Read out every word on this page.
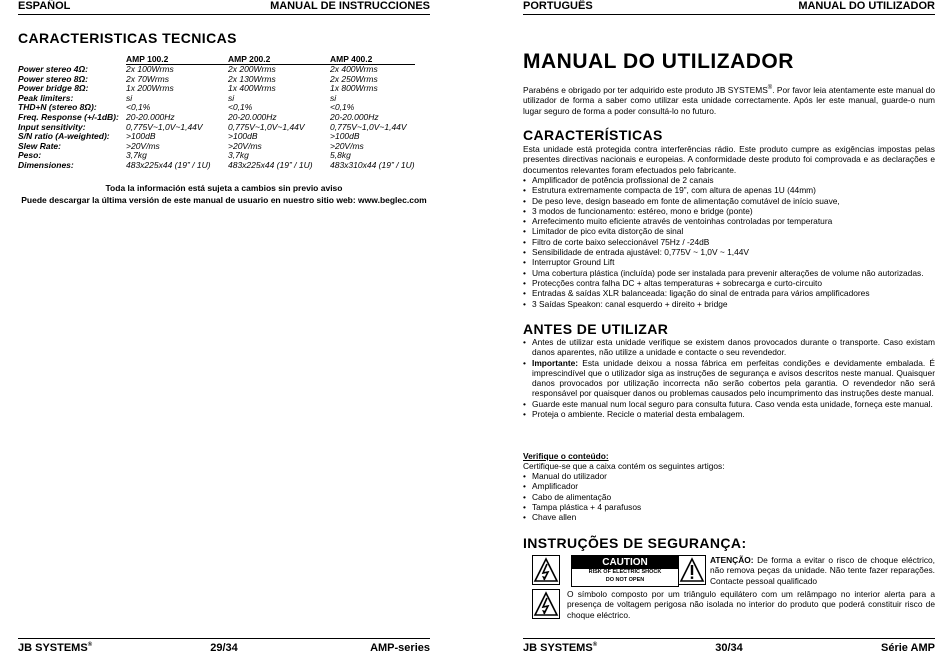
ESPAÑOL	MANUAL DE INSTRUCCIONES
CARACTERISTICAS TECNICAS
	AMP 100.2	AMP 200.2	AMP 400.2
Power stereo 4Ω:	2x 100Wrms	2x 200Wrms	2x 400Wrms
Power stereo 8Ω:	2x 70Wrms	2x 130Wrms	2x 250Wrms
Power bridge 8Ω:	1x 200Wrms	1x 400Wrms	1x 800Wrms
Peak limiters:	si	si	si
THD+N (stereo 8Ω):	<0,1%	<0,1%	<0,1%
Freq. Response (+/-1dB):	20-20.000Hz	20-20.000Hz	20-20.000Hz
Input sensitivity:	0,775V~1,0V~1,44V	0,775V~1,0V~1,44V	0,775V~1,0V~1,44V
S/N ratio (A-weighted):	>100dB	>100dB	>100dB
Slew Rate:	>20V/ms	>20V/ms	>20V/ms
Peso:	3,7kg	3,7kg	5,8kg
Dimensiones:	483x225x44 (19” / 1U)	483x225x44 (19” / 1U)	483x310x44 (19” / 1U)
Toda la información está sujeta a cambios sin previo aviso
Puede descargar la última versión de este manual de usuario en nuestro sitio web: www.beglec.com
JB SYSTEMS®	29/34	AMP-series
PORTUGUÊS	MANUAL DO UTILIZADOR
MANUAL DO UTILIZADOR
Parabéns e obrigado por ter adquirido este produto JB SYSTEMS®. Por favor leia atentamente este manual do utilizador de forma a saber como utilizar esta unidade correctamente. Após ler este manual, guarde-o num lugar seguro de forma a poder consultá-lo no futuro.
CARACTERÍSTICAS
Esta unidade está protegida contra interferências rádio. Este produto cumpre as exigências impostas pelas presentes directivas nacionais e europeias. A conformidade deste produto foi comprovada e as declarações e documentos relevantes foram efectuados pelo fabricante.
• Amplificador de potência profissional de 2 canais
• Estrutura extremamente compacta de 19”, com altura de apenas 1U (44mm)
• De peso leve, design baseado em fonte de alimentação comutável de início suave,
• 3 modos de funcionamento: estéreo, mono e bridge (ponte)
• Arrefecimento muito eficiente através de ventoinhas controladas por temperatura
• Limitador de pico evita distorção de sinal
• Filtro de corte baixo seleccionável 75Hz / -24dB
• Sensibilidade de entrada ajustável: 0,775V ~ 1,0V ~ 1,44V
• Interruptor Ground Lift
• Uma cobertura plástica (incluída) pode ser instalada para prevenir alterações de volume não autorizadas.
• Protecções contra falha DC + altas temperaturas + sobrecarga e curto-circuito
• Entradas & saídas XLR balanceada: ligação do sinal de entrada para vários amplificadores
• 3 Saídas Speakon: canal esquerdo + direito + bridge
ANTES DE UTILIZAR
• Antes de utilizar esta unidade verifique se existem danos provocados durante o transporte. Caso existam danos aparentes, não utilize a unidade e contacte o seu revendedor.
• Importante: Esta unidade deixou a nossa fábrica em perfeitas condições e devidamente embalada. É imprescindível que o utilizador siga as instruções de segurança e avisos descritos neste manual. Quaisquer danos provocados por utilização incorrecta não serão cobertos pela garantia. O revendedor não será responsável por quaisquer danos ou problemas causados pelo incumprimento das instruções deste manual.
• Guarde este manual num local seguro para consulta futura. Caso venda esta unidade, forneça este manual.
• Proteja o ambiente. Recicle o material desta embalagem.
Verifique o conteúdo:
Certifique-se que a caixa contém os seguintes artigos:
• Manual do utilizador
• Amplificador
• Cabo de alimentação
• Tampa plástica + 4 parafusos
• Chave allen
INSTRUÇÕES DE SEGURANÇA:
CAUTION
RISK OF ELECTRIC SHOCK
DO NOT OPEN
ATENÇÃO: De forma a evitar o risco de choque eléctrico, não remova peças da unidade. Não tente fazer reparações. Contacte pessoal qualificado
O símbolo composto por um triângulo equilátero com um relâmpago no interior alerta para a presença de voltagem perigosa não isolada no interior do produto que poderá constituir risco de choque eléctrico.
JB SYSTEMS®	30/34	Série AMP
